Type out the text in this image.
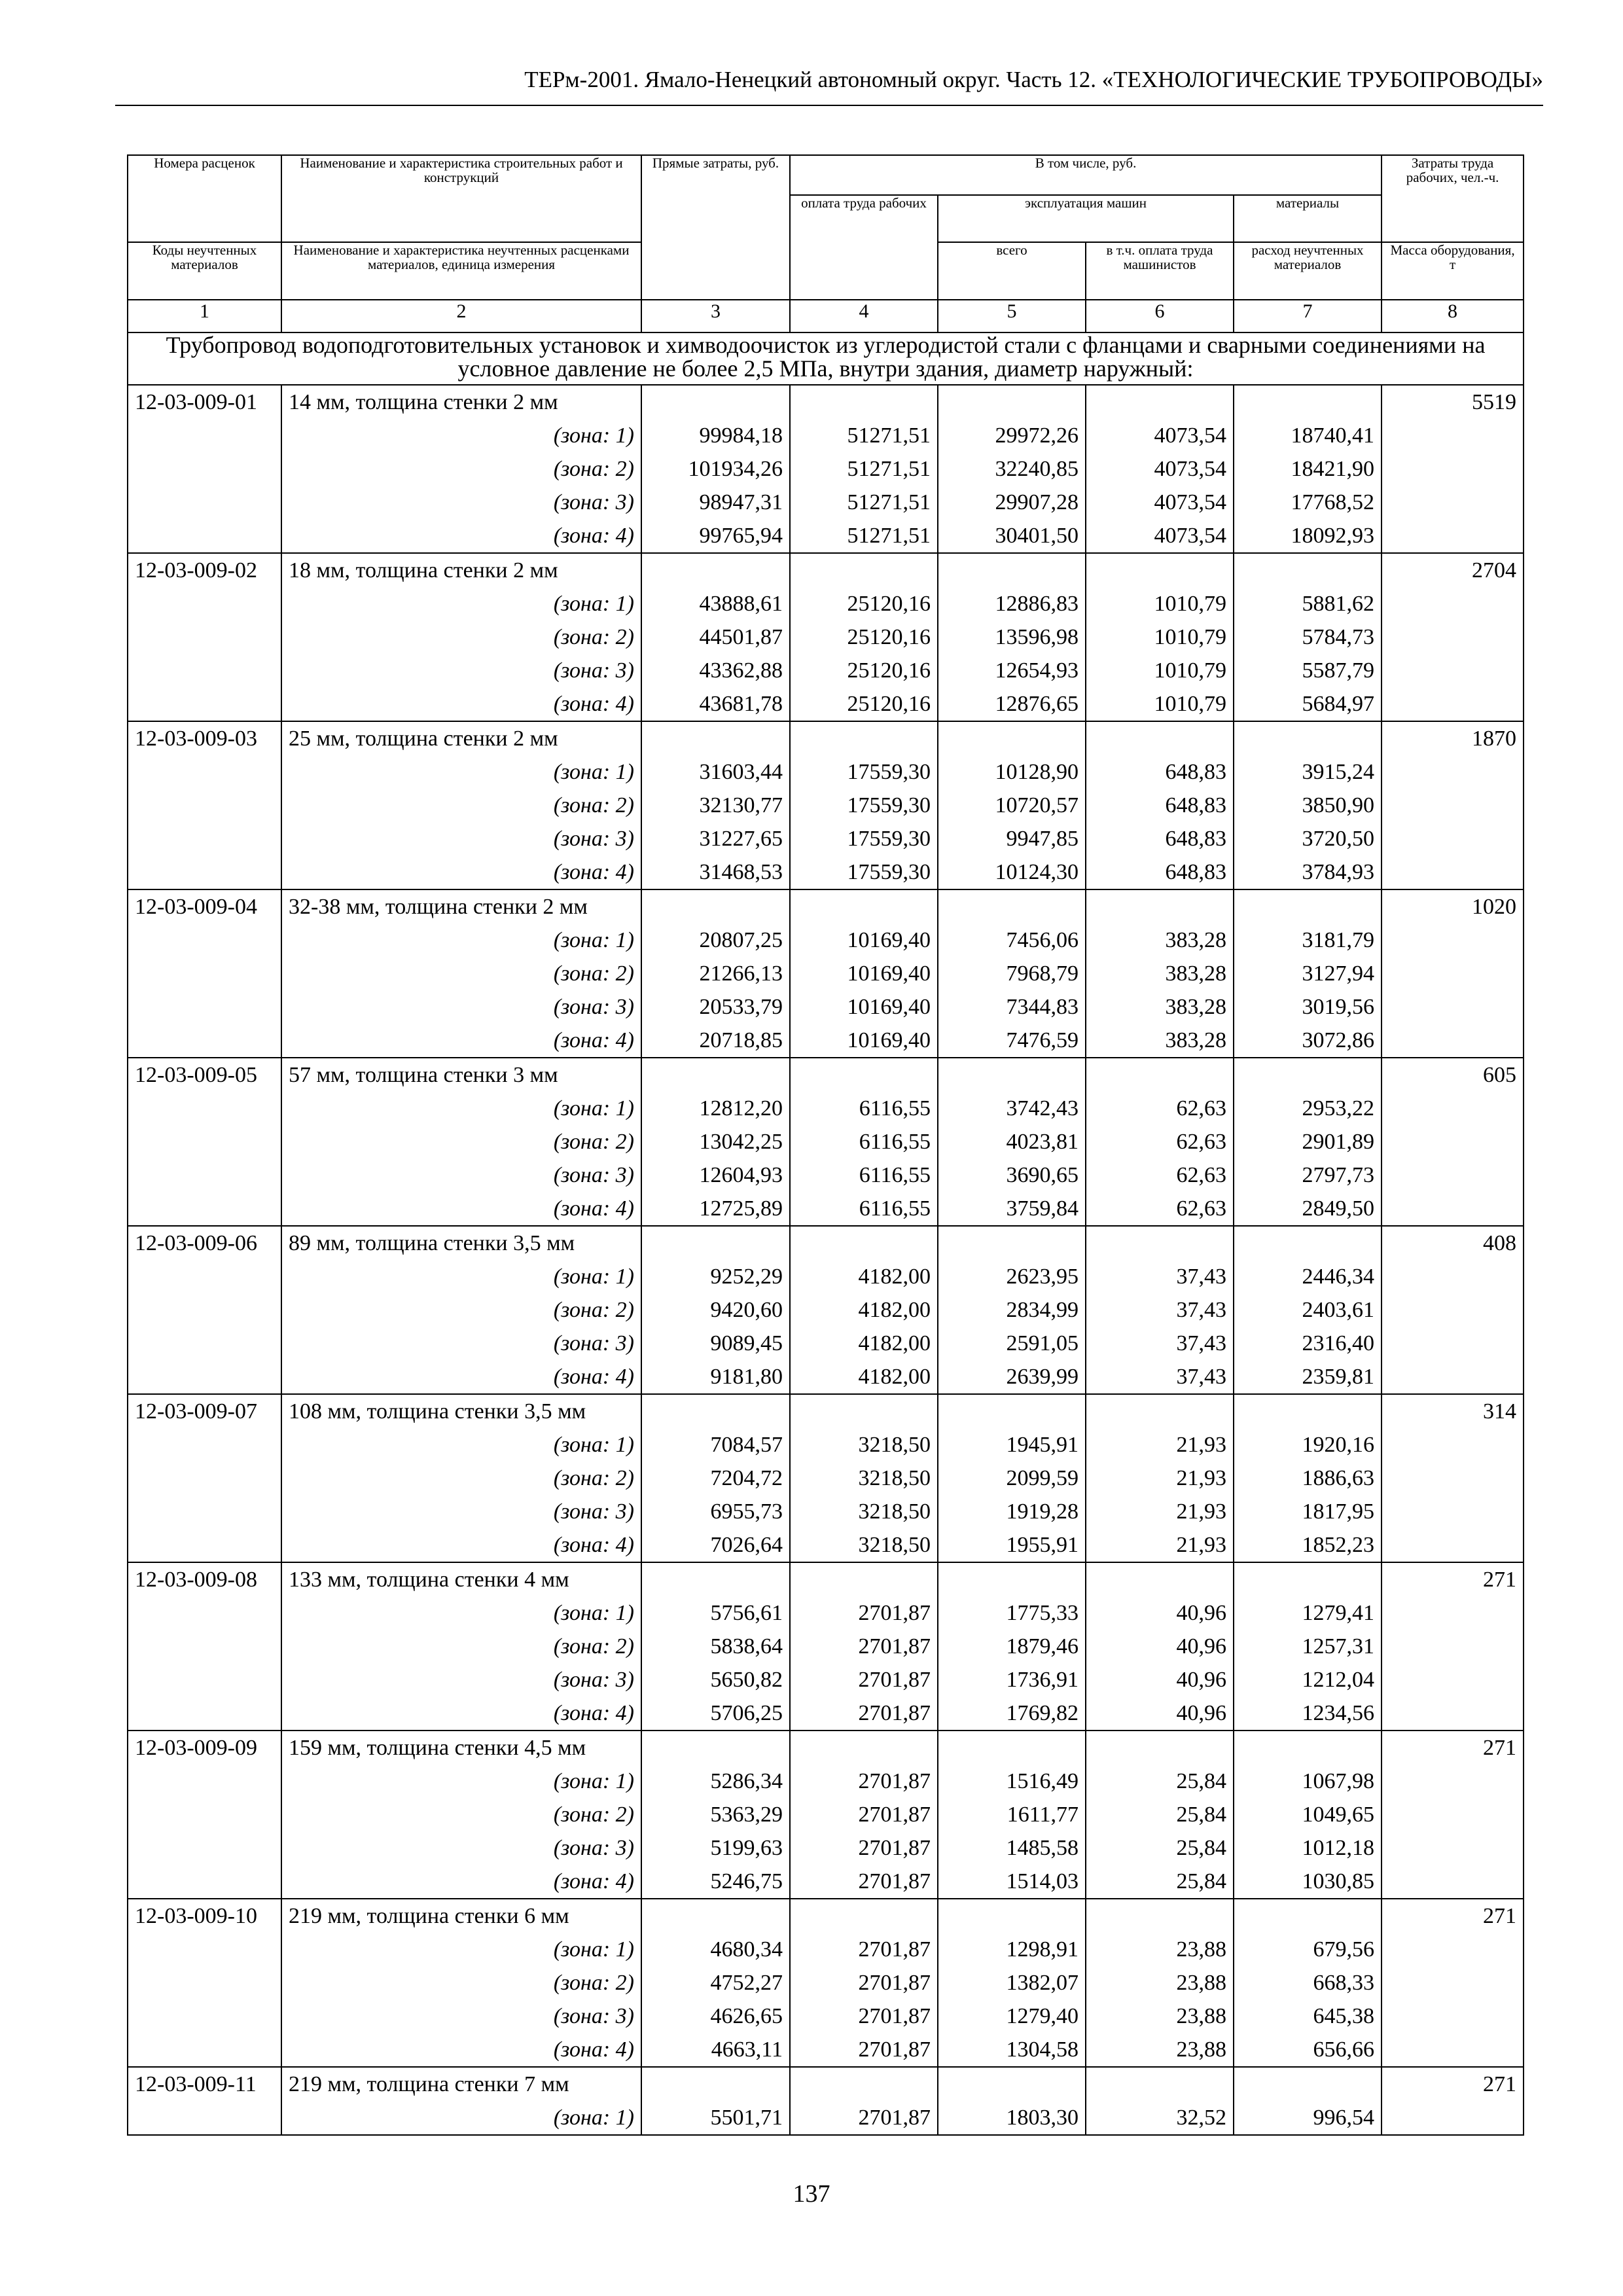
ТЕРм-2001. Ямало-Ненецкий автономный округ. Часть 12. «ТЕХНОЛОГИЧЕСКИЕ ТРУБОПРОВОДЫ»
Номера расценок	Наименование и характеристика строительных работ и конструкций	Прямые затраты, руб.	В том числе, руб.				Затраты труда рабочих, чел.-ч.
			оплата труда рабочих	эксплуатация машин		материалы	
Коды неучтенных материалов	Наименование и характеристика неучтенных расценками материалов, единица измерения			всего	в т.ч. оплата труда машинистов	расход неучтенных материалов	Масса оборудования, т
1	2	3	4	5	6	7	8
Трубопровод водоподготовительных установок и химводоочисток из углеродистой стали с фланцами и сварными соединениями на условное давление не более 2,5 МПа, внутри здания, диаметр наружный:							
12-03-009-01	14 мм, толщина стенки 2 мм						5519
	(зона: 1)	99984,18	51271,51	29972,26	4073,54	18740,41	
	(зона: 2)	101934,26	51271,51	32240,85	4073,54	18421,90	
	(зона: 3)	98947,31	51271,51	29907,28	4073,54	17768,52	
	(зона: 4)	99765,94	51271,51	30401,50	4073,54	18092,93	
12-03-009-02	18 мм, толщина стенки 2 мм						2704
	(зона: 1)	43888,61	25120,16	12886,83	1010,79	5881,62	
	(зона: 2)	44501,87	25120,16	13596,98	1010,79	5784,73	
	(зона: 3)	43362,88	25120,16	12654,93	1010,79	5587,79	
	(зона: 4)	43681,78	25120,16	12876,65	1010,79	5684,97	
12-03-009-03	25 мм, толщина стенки 2 мм						1870
	(зона: 1)	31603,44	17559,30	10128,90	648,83	3915,24	
	(зона: 2)	32130,77	17559,30	10720,57	648,83	3850,90	
	(зона: 3)	31227,65	17559,30	9947,85	648,83	3720,50	
	(зона: 4)	31468,53	17559,30	10124,30	648,83	3784,93	
12-03-009-04	32-38 мм, толщина стенки 2 мм						1020
	(зона: 1)	20807,25	10169,40	7456,06	383,28	3181,79	
	(зона: 2)	21266,13	10169,40	7968,79	383,28	3127,94	
	(зона: 3)	20533,79	10169,40	7344,83	383,28	3019,56	
	(зона: 4)	20718,85	10169,40	7476,59	383,28	3072,86	
12-03-009-05	57 мм, толщина стенки 3 мм						605
	(зона: 1)	12812,20	6116,55	3742,43	62,63	2953,22	
	(зона: 2)	13042,25	6116,55	4023,81	62,63	2901,89	
	(зона: 3)	12604,93	6116,55	3690,65	62,63	2797,73	
	(зона: 4)	12725,89	6116,55	3759,84	62,63	2849,50	
12-03-009-06	89 мм, толщина стенки 3,5 мм						408
	(зона: 1)	9252,29	4182,00	2623,95	37,43	2446,34	
	(зона: 2)	9420,60	4182,00	2834,99	37,43	2403,61	
	(зона: 3)	9089,45	4182,00	2591,05	37,43	2316,40	
	(зона: 4)	9181,80	4182,00	2639,99	37,43	2359,81	
12-03-009-07	108 мм, толщина стенки 3,5 мм						314
	(зона: 1)	7084,57	3218,50	1945,91	21,93	1920,16	
	(зона: 2)	7204,72	3218,50	2099,59	21,93	1886,63	
	(зона: 3)	6955,73	3218,50	1919,28	21,93	1817,95	
	(зона: 4)	7026,64	3218,50	1955,91	21,93	1852,23	
12-03-009-08	133 мм, толщина стенки 4 мм						271
	(зона: 1)	5756,61	2701,87	1775,33	40,96	1279,41	
	(зона: 2)	5838,64	2701,87	1879,46	40,96	1257,31	
	(зона: 3)	5650,82	2701,87	1736,91	40,96	1212,04	
	(зона: 4)	5706,25	2701,87	1769,82	40,96	1234,56	
12-03-009-09	159 мм, толщина стенки 4,5 мм						271
	(зона: 1)	5286,34	2701,87	1516,49	25,84	1067,98	
	(зона: 2)	5363,29	2701,87	1611,77	25,84	1049,65	
	(зона: 3)	5199,63	2701,87	1485,58	25,84	1012,18	
	(зона: 4)	5246,75	2701,87	1514,03	25,84	1030,85	
12-03-009-10	219 мм, толщина стенки 6 мм						271
	(зона: 1)	4680,34	2701,87	1298,91	23,88	679,56	
	(зона: 2)	4752,27	2701,87	1382,07	23,88	668,33	
	(зона: 3)	4626,65	2701,87	1279,40	23,88	645,38	
	(зона: 4)	4663,11	2701,87	1304,58	23,88	656,66	
12-03-009-11	219 мм, толщина стенки 7 мм						271
	(зона: 1)	5501,71	2701,87	1803,30	32,52	996,54	
137
